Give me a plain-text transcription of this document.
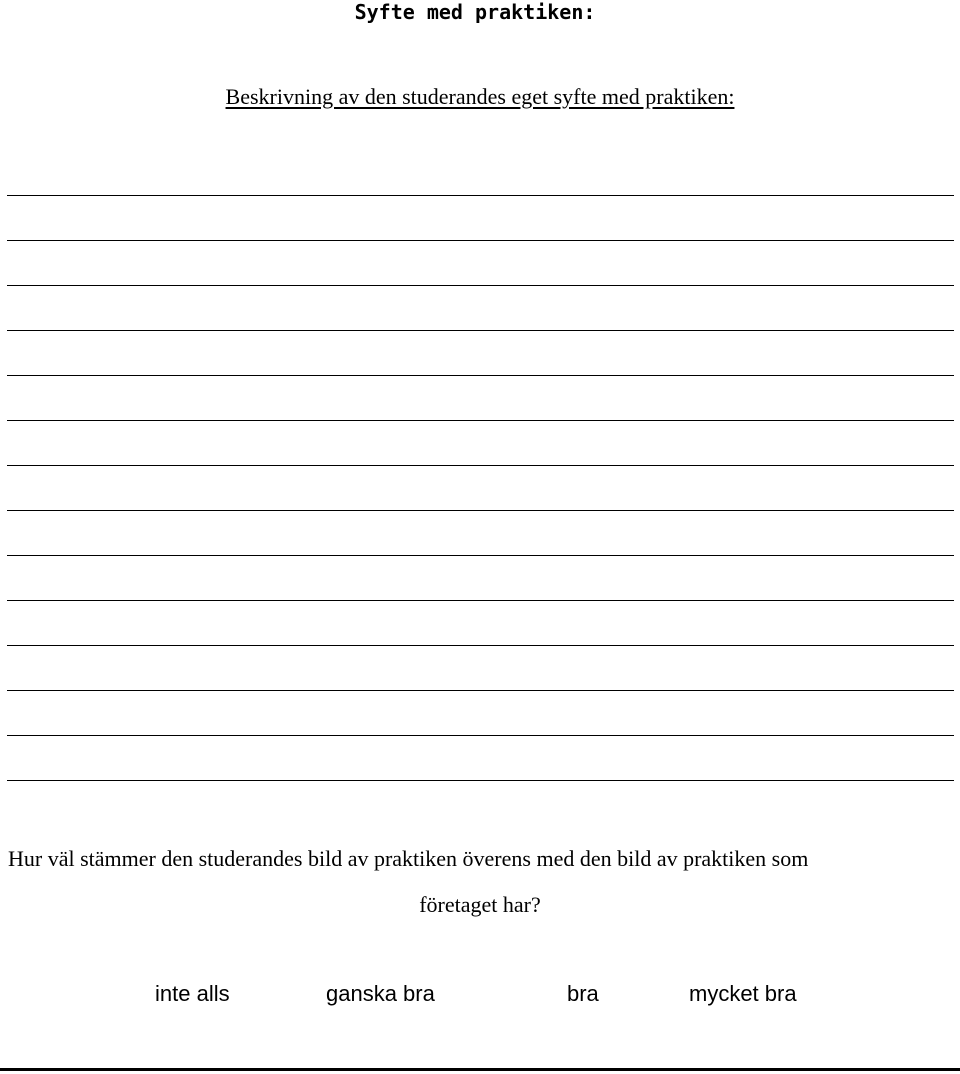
Syfte med praktiken:
Beskrivning av den studerandes eget syfte med praktiken:
Hur väl stämmer den studerandes bild av praktiken överens med den bild av praktiken som
företaget har?
inte alls	ganska bra	bra	mycket bra
